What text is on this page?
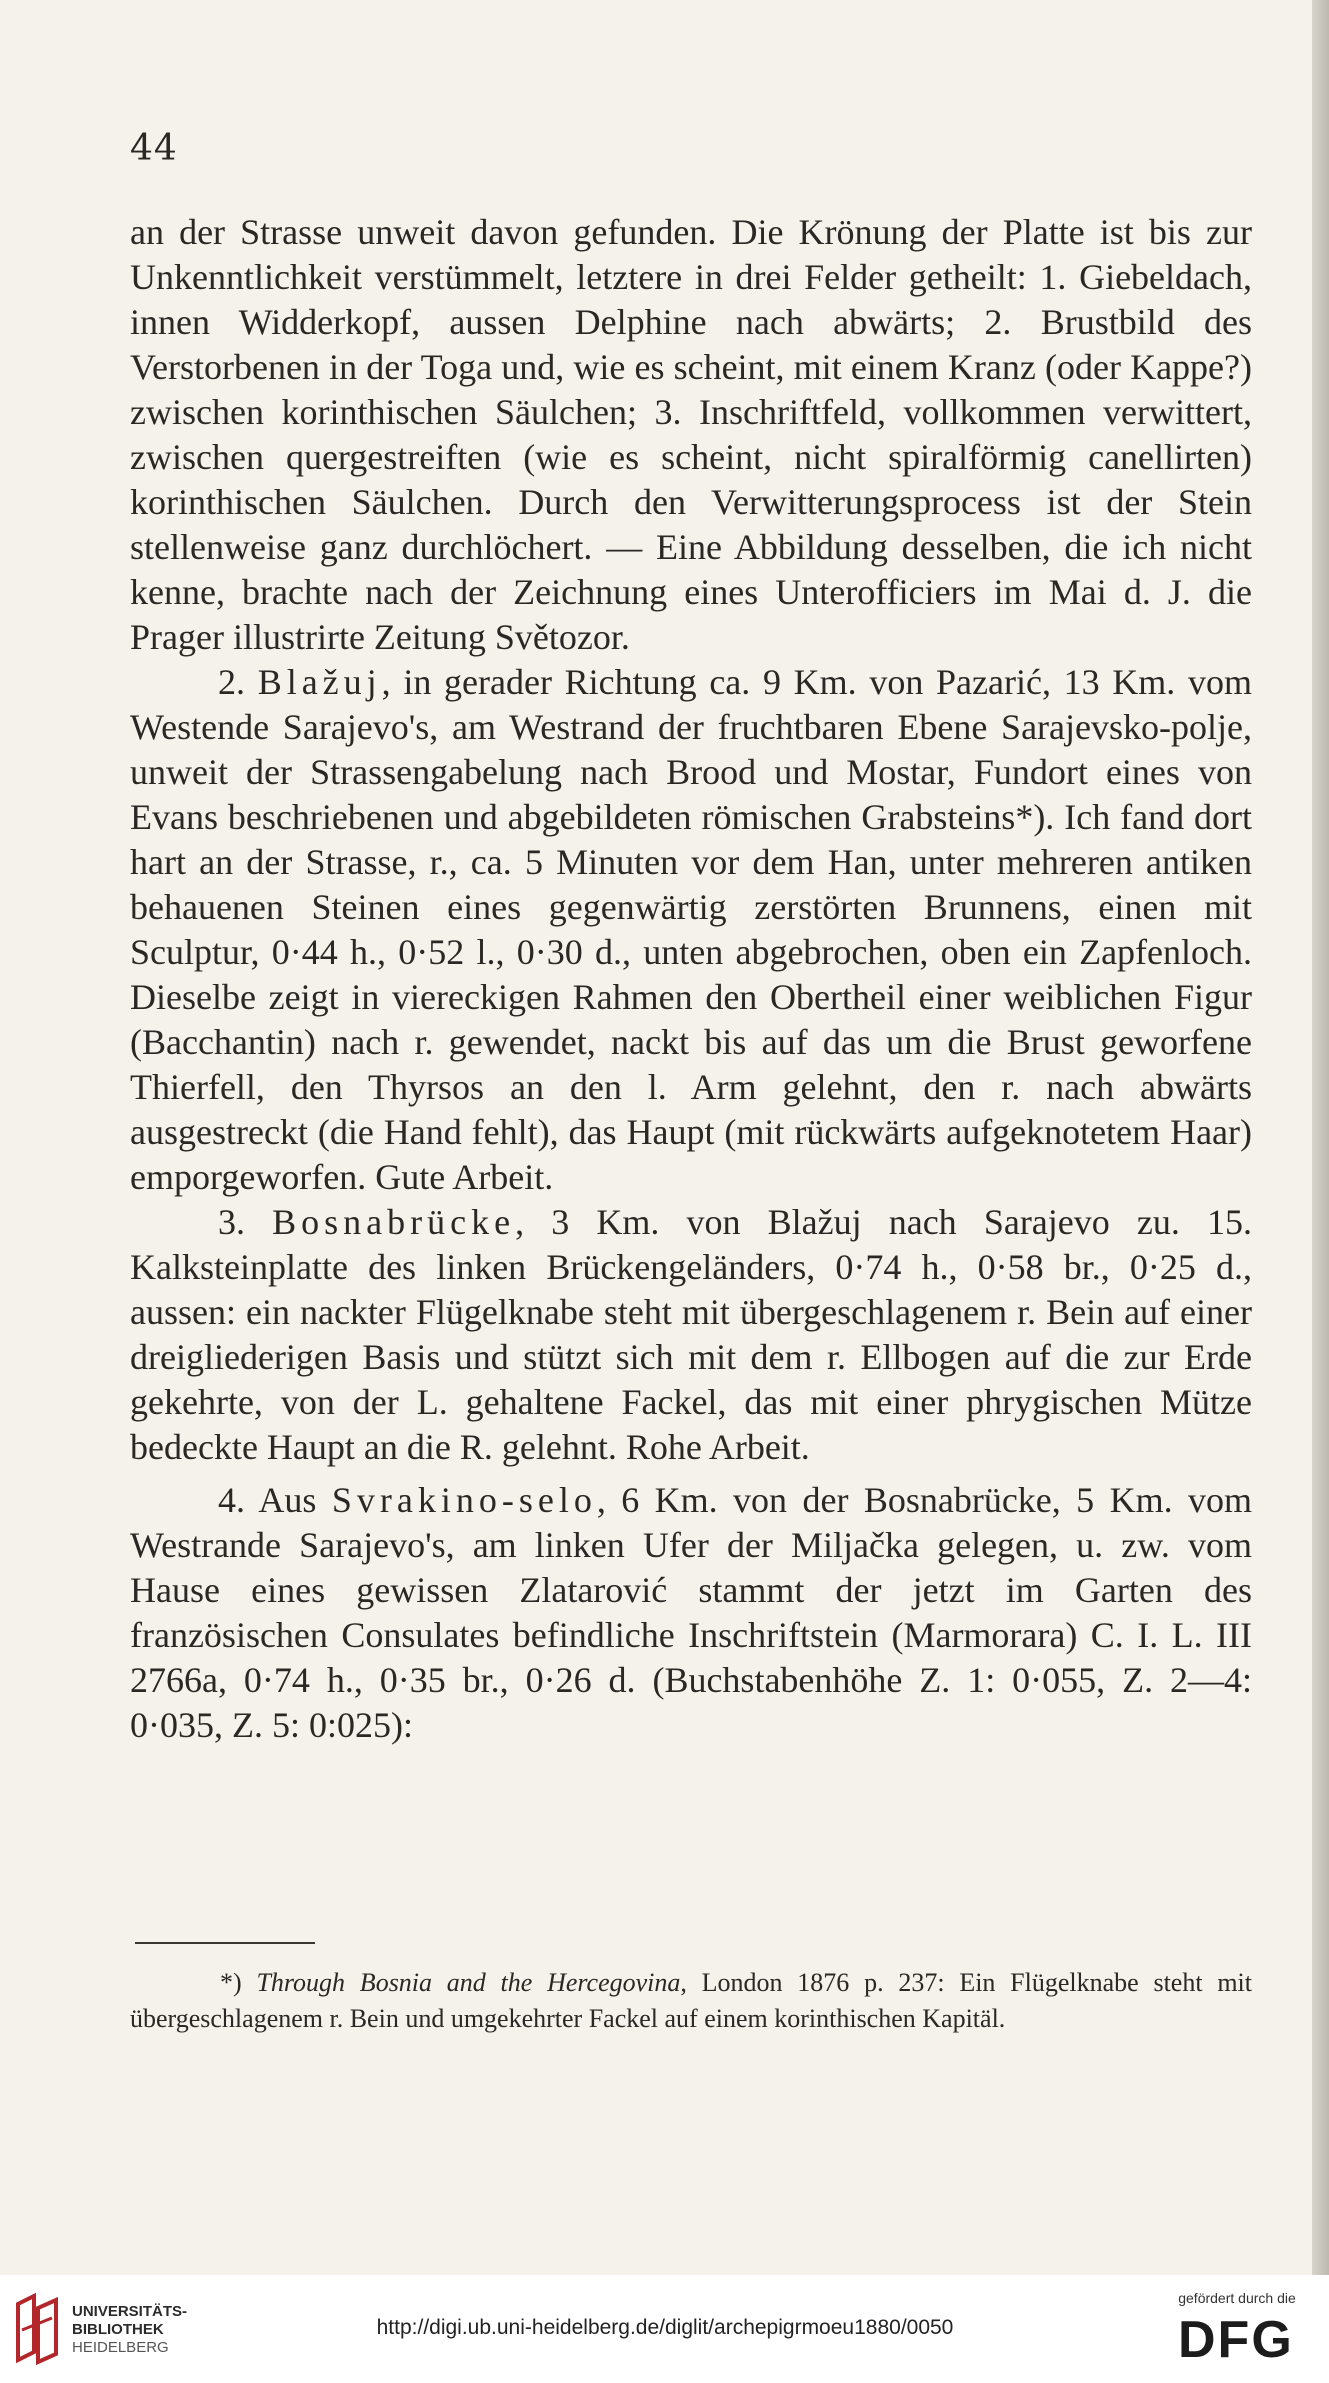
44

an der Strasse unweit davon gefunden. Die Krönung der Platte ist bis zur Unkenntlichkeit verstümmelt, letztere in drei Felder getheilt: 1. Giebeldach, innen Widderkopf, aussen Delphine nach abwärts; 2. Brustbild des Verstorbenen in der Toga und, wie es scheint, mit einem Kranz (oder Kappe?) zwischen korinthischen Säulchen; 3. Inschriftfeld, vollkommen verwittert, zwischen quergestreiften (wie es scheint, nicht spiralförmig canellirten) korinthischen Säulchen. Durch den Verwitterungsprocess ist der Stein stellenweise ganz durchlöchert. — Eine Abbildung desselben, die ich nicht kenne, brachte nach der Zeichnung eines Unterofficiers im Mai d. J. die Prager illustrirte Zeitung Světozor.

2. Blažuj, in gerader Richtung ca. 9 Km. von Pazarić, 13 Km. vom Westende Sarajevo's, am Westrand der fruchtbaren Ebene Sarajevsko-polje, unweit der Strassengabelung nach Brood und Mostar, Fundort eines von Evans beschriebenen und abgebildeten römischen Grabsteins*). Ich fand dort hart an der Strasse, r., ca. 5 Minuten vor dem Han, unter mehreren antiken behauenen Steinen eines gegenwärtig zerstörten Brunnens, einen mit Sculptur, 0·44 h., 0·52 l., 0·30 d., unten abgebrochen, oben ein Zapfenloch. Dieselbe zeigt in viereckigen Rahmen den Obertheil einer weiblichen Figur (Bacchantin) nach r. gewendet, nackt bis auf das um die Brust geworfene Thierfell, den Thyrsos an den l. Arm gelehnt, den r. nach abwärts ausgestreckt (die Hand fehlt), das Haupt (mit rückwärts aufgeknotetem Haar) emporgeworfen. Gute Arbeit.

3. Bosnabrücke, 3 Km. von Blažuj nach Sarajevo zu. 15. Kalksteinplatte des linken Brückengeländers, 0·74 h., 0·58 br., 0·25 d., aussen: ein nackter Flügelknabe steht mit übergeschlagenem r. Bein auf einer dreigliederigen Basis und stützt sich mit dem r. Ellbogen auf die zur Erde gekehrte, von der L. gehaltene Fackel, das mit einer phrygischen Mütze bedeckte Haupt an die R. gelehnt. Rohe Arbeit.

4. Aus Svrakino-selo, 6 Km. von der Bosnabrücke, 5 Km. vom Westrande Sarajevo's, am linken Ufer der Miljačka gelegen, u. zw. vom Hause eines gewissen Zlatarović stammt der jetzt im Garten des französischen Consulates befindliche Inschriftstein (Marmorara) C. I. L. III 2766a, 0·74 h., 0·35 br., 0·26 d. (Buchstabenhöhe Z. 1: 0·055, Z. 2—4: 0·035, Z. 5: 0:025):

*) Through Bosnia and the Hercegovina, London 1876 p. 237: Ein Flügelknabe steht mit übergeschlagenem r. Bein und umgekehrter Fackel auf einem korinthischen Kapitäl.
UNIVERSITÄTS-
BIBLIOTHEK
HEIDELBERG
http://digi.ub.uni-heidelberg.de/diglit/archepigrmoeu1880/0050
gefördert durch die
DFG
